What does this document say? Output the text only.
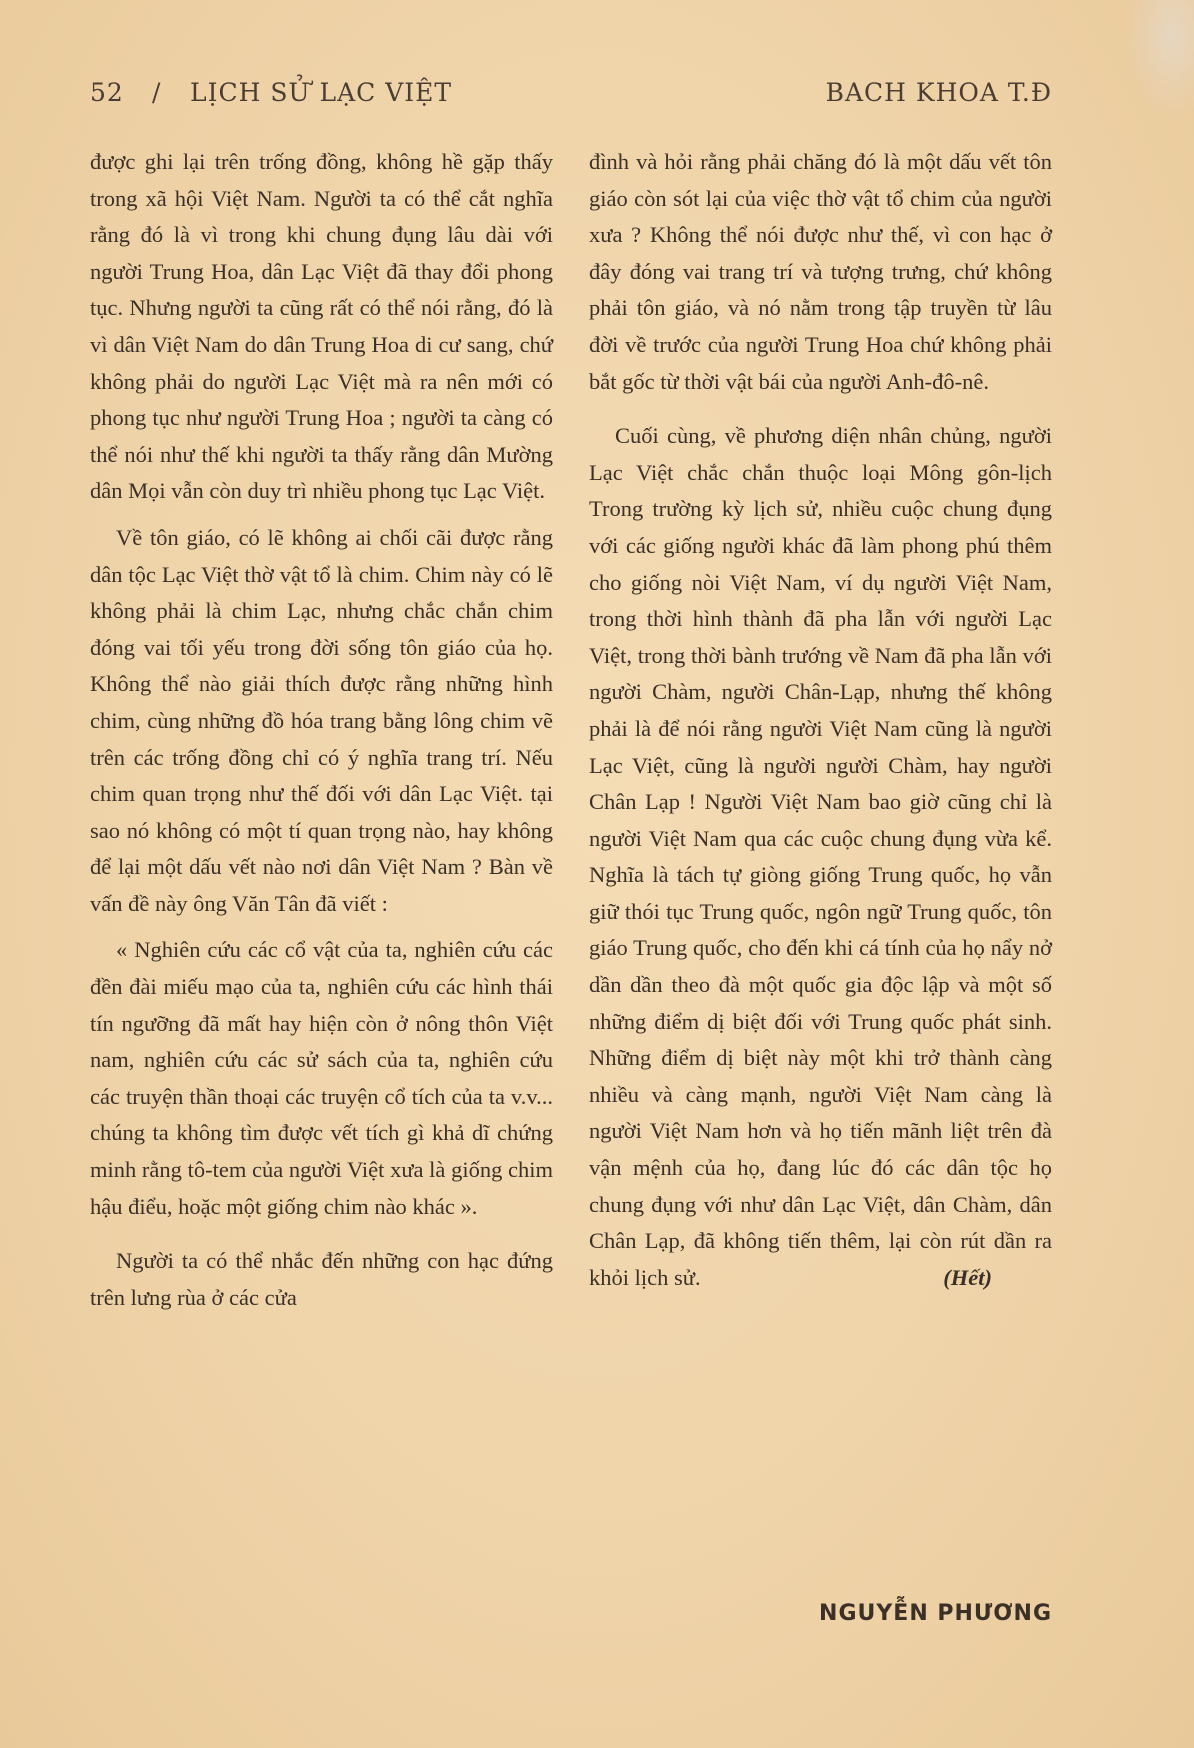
52 / LỊCH SỬ LẠC VIỆT	BACH KHOA T.Đ

được ghi lại trên trống đồng, không hề gặp thấy trong xã hội Việt Nam. Người ta có thể cắt nghĩa rằng đó là vì trong khi chung đụng lâu dài với người Trung Hoa, dân Lạc Việt đã thay đổi phong tục. Nhưng người ta cũng rất có thể nói rằng, đó là vì dân Việt Nam do dân Trung Hoa di cư sang, chứ không phải do người Lạc Việt mà ra nên mới có phong tục như người Trung Hoa ; người ta càng có thể nói như thế khi người ta thấy rằng dân Mường dân Mọi vẫn còn duy trì nhiều phong tục Lạc Việt.

Về tôn giáo, có lẽ không ai chối cãi được rằng dân tộc Lạc Việt thờ vật tổ là chim. Chim này có lẽ không phải là chim Lạc, nhưng chắc chắn chim đóng vai tối yếu trong đời sống tôn giáo của họ. Không thể nào giải thích được rằng những hình chim, cùng những đồ hóa trang bằng lông chim vẽ trên các trống đồng chỉ có ý nghĩa trang trí. Nếu chim quan trọng như thế đối với dân Lạc Việt. tại sao nó không có một tí quan trọng nào, hay không để lại một dấu vết nào nơi dân Việt Nam ? Bàn về vấn đề này ông Văn Tân đã viết :

« Nghiên cứu các cổ vật của ta, nghiên cứu các đền đài miếu mạo của ta, nghiên cứu các hình thái tín ngưỡng đã mất hay hiện còn ở nông thôn Việt nam, nghiên cứu các sử sách của ta, nghiên cứu các truyện thần thoại các truyện cổ tích của ta v.v... chúng ta không tìm được vết tích gì khả dĩ chứng minh rằng tô-tem của người Việt xưa là giống chim hậu điểu, hoặc một giống chim nào khác ».

Người ta có thể nhắc đến những con hạc đứng trên lưng rùa ở các cửa

đình và hỏi rằng phải chăng đó là một dấu vết tôn giáo còn sót lại của việc thờ vật tổ chim của người xưa ? Không thể nói được như thế, vì con hạc ở đây đóng vai trang trí và tượng trưng, chứ không phải tôn giáo, và nó nằm trong tập truyền từ lâu đời về trước của người Trung Hoa chứ không phải bắt gốc từ thời vật bái của người Anh-đô-nê.

Cuối cùng, về phương diện nhân chủng, người Lạc Việt chắc chắn thuộc loại Mông gôn-lịch Trong trường kỳ lịch sử, nhiều cuộc chung đụng với các giống người khác đã làm phong phú thêm cho giống nòi Việt Nam, ví dụ người Việt Nam, trong thời hình thành đã pha lẫn với người Lạc Việt, trong thời bành trướng về Nam đã pha lẫn với người Chàm, người Chân-Lạp, nhưng thế không phải là để nói rằng người Việt Nam cũng là người Lạc Việt, cũng là người người Chàm, hay người Chân Lạp ! Người Việt Nam bao giờ cũng chỉ là người Việt Nam qua các cuộc chung đụng vừa kể. Nghĩa là tách tự giòng giống Trung quốc, họ vẫn giữ thói tục Trung quốc, ngôn ngữ Trung quốc, tôn giáo Trung quốc, cho đến khi cá tính của họ nẩy nở dần dần theo đà một quốc gia độc lập và một số những điểm dị biệt đối với Trung quốc phát sinh. Những điểm dị biệt này một khi trở thành càng nhiều và càng mạnh, người Việt Nam càng là người Việt Nam hơn và họ tiến mãnh liệt trên đà vận mệnh của họ, đang lúc đó các dân tộc họ chung đụng với như dân Lạc Việt, dân Chàm, dân Chân Lạp, đã không tiến thêm, lại còn rút dần ra khỏi lịch sử.	(Hết)

NGUYỄN PHƯƠNG
